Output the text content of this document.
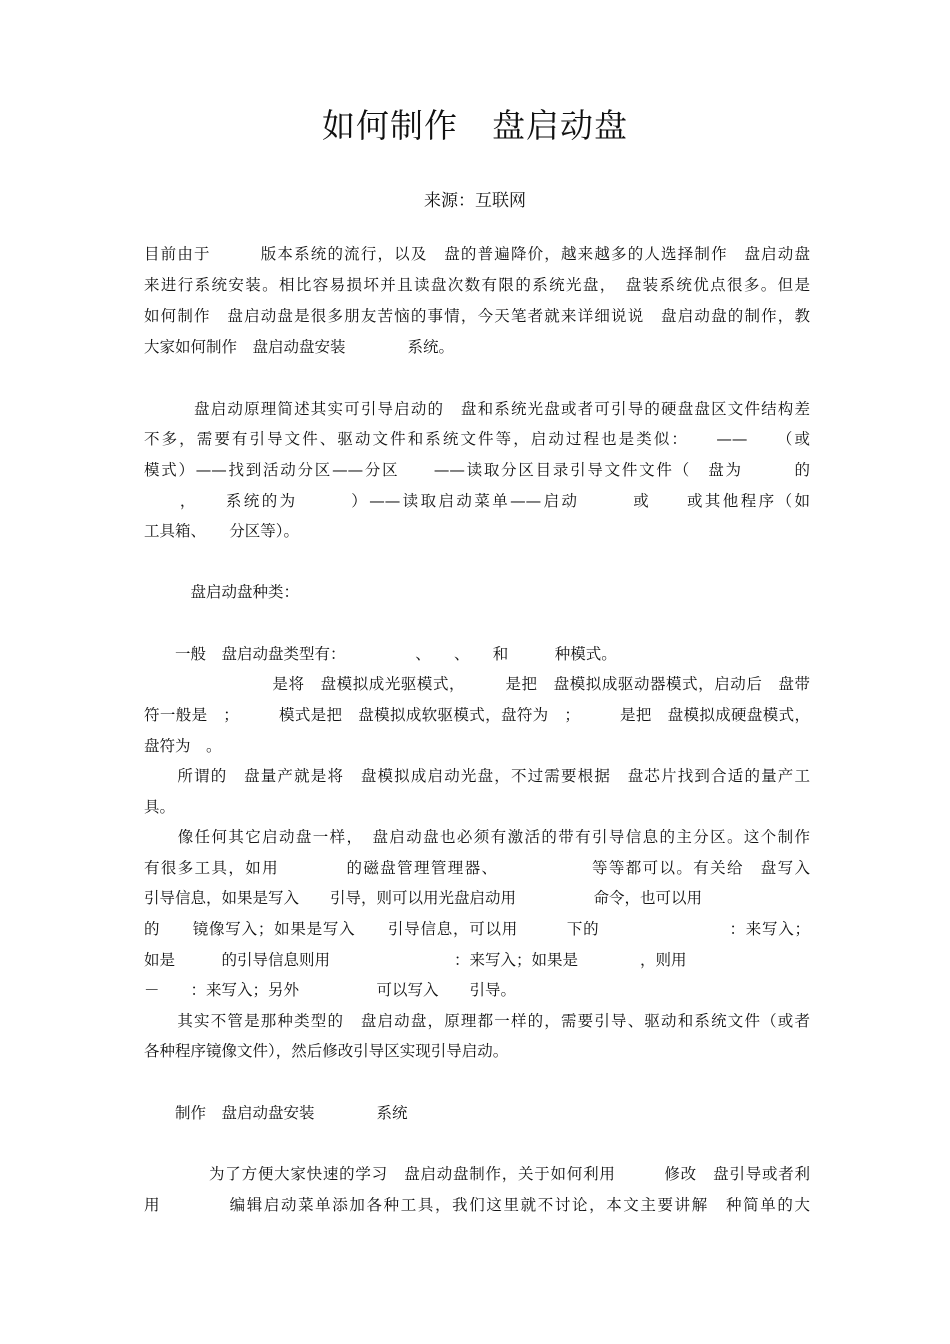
如何制作　盘启动盘
来源：互联网
目前由于　　　版本系统的流行，以及　盘的普遍降价，越来越多的人选择制作　盘启动盘
来进行系统安装。相比容易损坏并且读盘次数有限的系统光盘，　盘装系统优点很多。但是
如何制作　盘启动盘是很多朋友苦恼的事情，今天笔者就来详细说说　盘启动盘的制作，教
大家如何制作　盘启动盘安装　　　　系统。
　　　盘启动原理简述其实可引导启动的　盘和系统光盘或者可引导的硬盘盘区文件结构差
不多，需要有引导文件、驱动文件和系统文件等，启动过程也是类似：　　——　　（或
模式）——找到活动分区——分区　　——读取分区目录引导文件文件（　盘为　　　的
　　，　　系统的为　　　）——读取启动菜单——启动　　　或　　或其他程序（如
工具箱、　　分区等）。
　　　盘启动盘种类：
　　一般　盘启动盘类型有：　　　　　、　　、　　和　　　种模式。
　　　　　　　　是将　盘模拟成光驱模式，　　　是把　盘模拟成驱动器模式，启动后　盘带
符一般是　；　　　模式是把　盘模拟成软驱模式，盘符为　；　　　是把　盘模拟成硬盘模式，
盘符为　。
　　所谓的　盘量产就是将　盘模拟成启动光盘，不过需要根据　盘芯片找到合适的量产工
具。
　　像任何其它启动盘一样，　盘启动盘也必须有激活的带有引导信息的主分区。这个制作
有很多工具，如用　　　　的磁盘管理管理器、　　　　　　等等都可以。有关给　盘写入
引导信息，如果是写入　　引导，则可以用光盘启动用　　　　　命令，也可以用
的　　镜像写入；如果是写入　　引导信息，可以用　　　下的　　　　　　　　：来写入；
如是　　　的引导信息则用　　　　　　　　：来写入；如果是　　　　，则用
－　　：来写入；另外　　　　　可以写入　　引导。
　　其实不管是那种类型的　盘启动盘，原理都一样的，需要引导、驱动和系统文件（或者
各种程序镜像文件），然后修改引导区实现引导启动。
　　制作　盘启动盘安装　　　　系统
　　　　为了方便大家快速的学习　盘启动盘制作，关于如何利用　　　修改　盘引导或者利
用　　　　编辑启动菜单添加各种工具，我们这里就不讨论，本文主要讲解　种简单的大
